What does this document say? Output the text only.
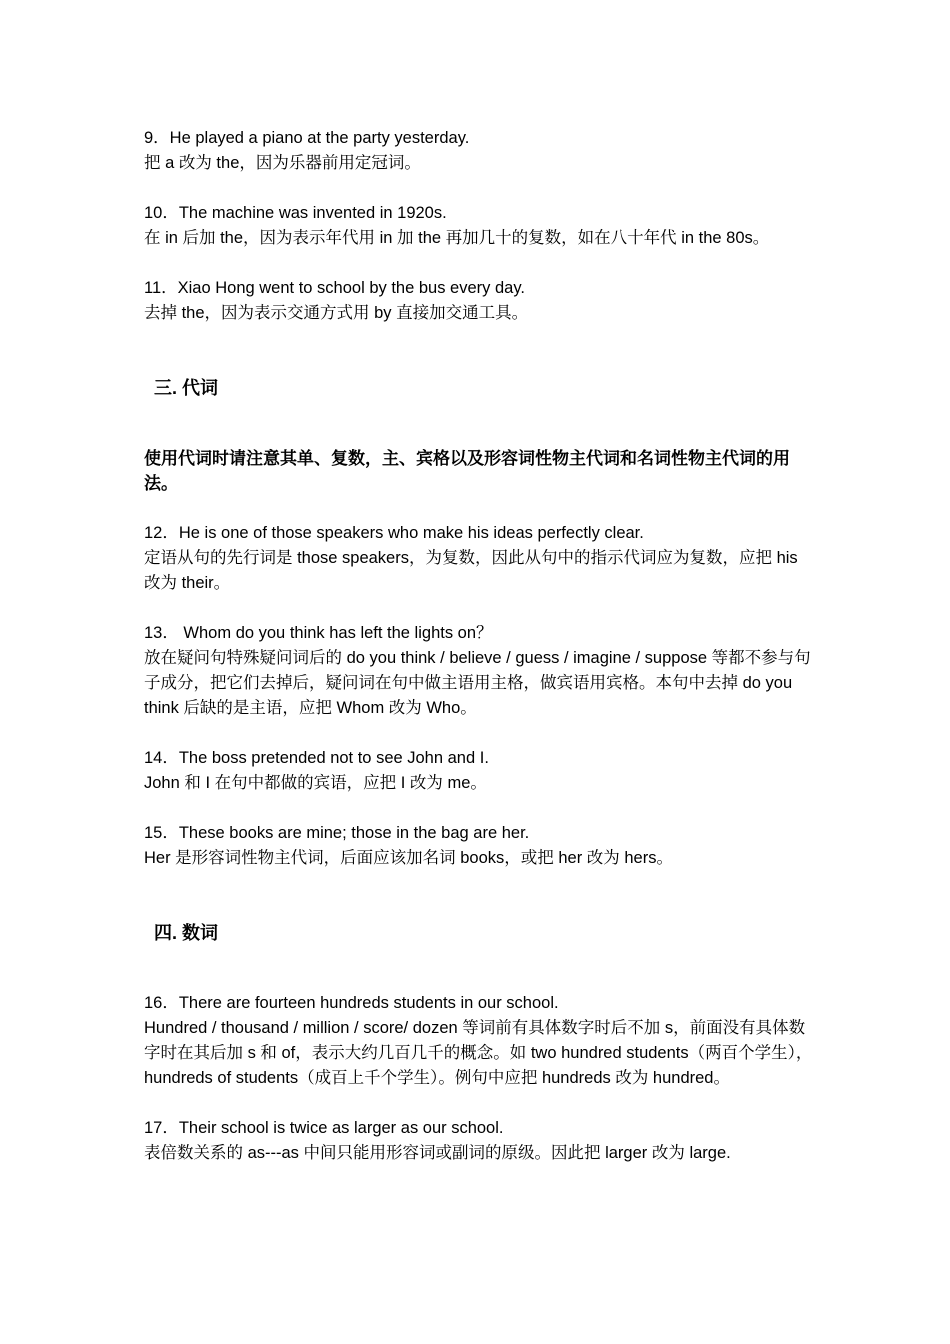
9．He played a piano at the party yesterday.

把 a 改为 the，因为乐器前用定冠词。

10．The machine was invented in 1920s.

在 in 后加 the，因为表示年代用 in 加 the 再加几十的复数，如在八十年代 in the 80s。

11．Xiao Hong went to school by the bus every day.

去掉 the，因为表示交通方式用 by 直接加交通工具。

三. 代词

使用代词时请注意其单、复数，主、宾格以及形容词性物主代词和名词性物主代词的用法。

12．He is one of those speakers who make his ideas perfectly clear.

定语从句的先行词是 those speakers，为复数，因此从句中的指示代词应为复数，应把 his 改为 their。

13． Whom do you think has left the lights on？

放在疑问句特殊疑问词后的 do you think / believe / guess / imagine / suppose 等都不参与句子成分，把它们去掉后，疑问词在句中做主语用主格，做宾语用宾格。本句中去掉 do you think 后缺的是主语，应把 Whom 改为 Who。

14．The boss pretended not to see John and I.

John 和 I 在句中都做的宾语，应把 I 改为 me。

15．These books are mine; those in the bag are her.

Her 是形容词性物主代词，后面应该加名词 books，或把 her 改为 hers。

四. 数词

16．There are fourteen hundreds students in our school.

Hundred / thousand / million / score/ dozen 等词前有具体数字时后不加 s，前面没有具体数字时在其后加 s 和 of，表示大约几百几千的概念。如 two hundred students（两百个学生），hundreds of students（成百上千个学生）。例句中应把 hundreds 改为 hundred。

17．Their school is twice as larger as our school.

表倍数关系的 as---as 中间只能用形容词或副词的原级。因此把 larger 改为 large.
